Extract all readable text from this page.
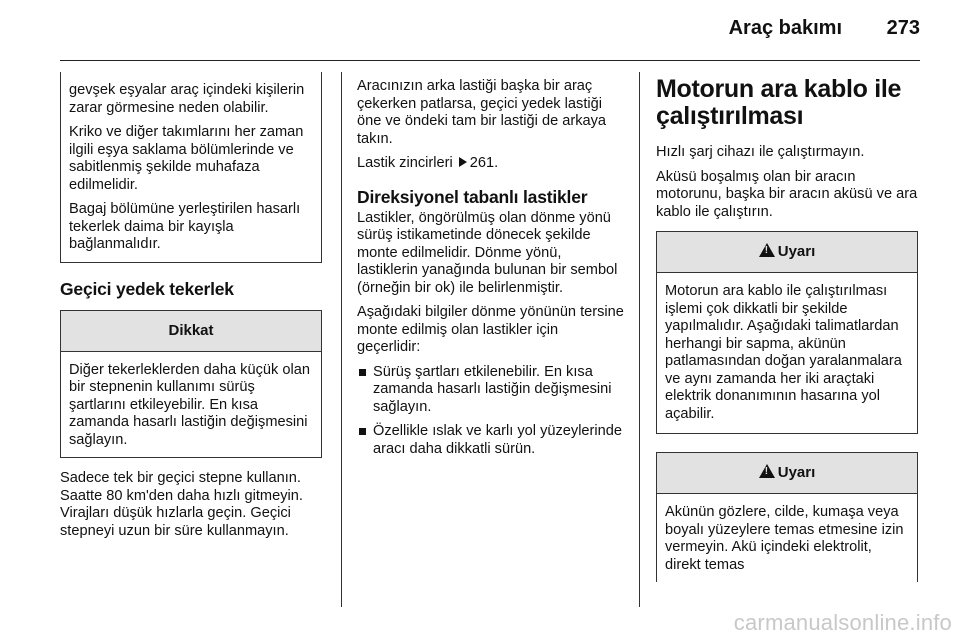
Araç bakımı 273

gevşek eşyalar araç içindeki kişilerin zarar görmesine neden olabilir.

Kriko ve diğer takımlarını her zaman ilgili eşya saklama bölümlerinde ve sabitlenmiş şekilde muhafaza edilmelidir.

Bagaj bölümüne yerleştirilen hasarlı tekerlek daima bir kayışla bağlanmalıdır.

Geçici yedek tekerlek
Dikkat

Diğer tekerleklerden daha küçük olan bir stepnenin kullanımı sürüş şartlarını etkileyebilir. En kısa zamanda hasarlı lastiğin değişmesini sağlayın.

Sadece tek bir geçici stepne kullanın. Saatte 80 km'den daha hızlı gitmeyin. Virajları düşük hızlarla geçin. Geçici stepneyi uzun bir süre kullanmayın.

Aracınızın arka lastiği başka bir araç çekerken patlarsa, geçici yedek lastiği öne ve öndeki tam bir lastiği de arkaya takın.

Lastik zincirleri 261.

Direksiyonel tabanlı lastikler

Lastikler, öngörülmüş olan dönme yönü sürüş istikametinde dönecek şekilde monte edilmelidir. Dönme yönü, lastiklerin yanağında bulunan bir sembol (örneğin bir ok) ile belirlenmiştir.

Aşağıdaki bilgiler dönme yönünün tersine monte edilmiş olan lastikler için geçerlidir:

Sürüş şartları etkilenebilir. En kısa zamanda hasarlı lastiğin değişmesini sağlayın.
Özellikle ıslak ve karlı yol yüzeylerinde aracı daha dikkatli sürün.
Motorun ara kablo ile çalıştırılması

Hızlı şarj cihazı ile çalıştırmayın.

Aküsü boşalmış olan bir aracın motorunu, başka bir aracın aküsü ve ara kablo ile çalıştırın.

!Uyarı

Motorun ara kablo ile çalıştırılması işlemi çok dikkatli bir şekilde yapılmalıdır. Aşağıdaki talimatlardan herhangi bir sapma, akünün patlamasından doğan yaralanmalara ve aynı zamanda her iki araçtaki elektrik donanımının hasarına yol açabilir.

!Uyarı

Akünün gözlere, cilde, kumaşa veya boyalı yüzeylere temas etmesine izin vermeyin. Akü içindeki elektrolit, direkt temas

carmanualsonline.info
